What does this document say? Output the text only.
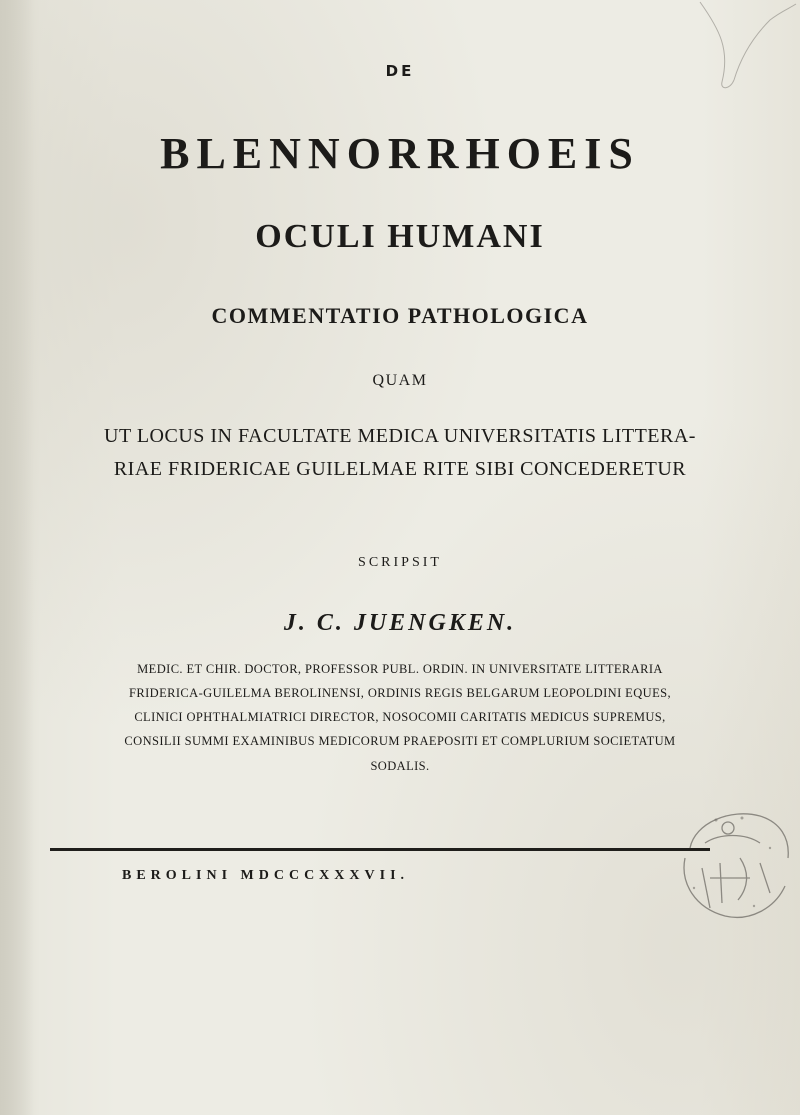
DE
BLENNORRHOEIS
OCULI HUMANI
COMMENTATIO PATHOLOGICA
QUAM
UT LOCUS IN FACULTATE MEDICA UNIVERSITATIS LITTERA-
RIAE FRIDERICAE GUILELMAE RITE SIBI CONCEDERETUR
SCRIPSIT
J. C. JUENGKEN.
MEDIC. ET CHIR. DOCTOR, PROFESSOR PUBL. ORDIN. IN UNIVERSITATE LITTERARIA
FRIDERICA-GUILELMA BEROLINENSI, ORDINIS REGIS BELGARUM LEOPOLDINI EQUES,
CLINICI OPHTHALMIATRICI DIRECTOR, NOSOCOMII CARITATIS MEDICUS SUPREMUS,
CONSILII SUMMI EXAMINIBUS MEDICORUM PRAEPOSITI ET COMPLURIUM SOCIETATUM
SODALIS.
BEROLINI MDCCCXXXVII.
